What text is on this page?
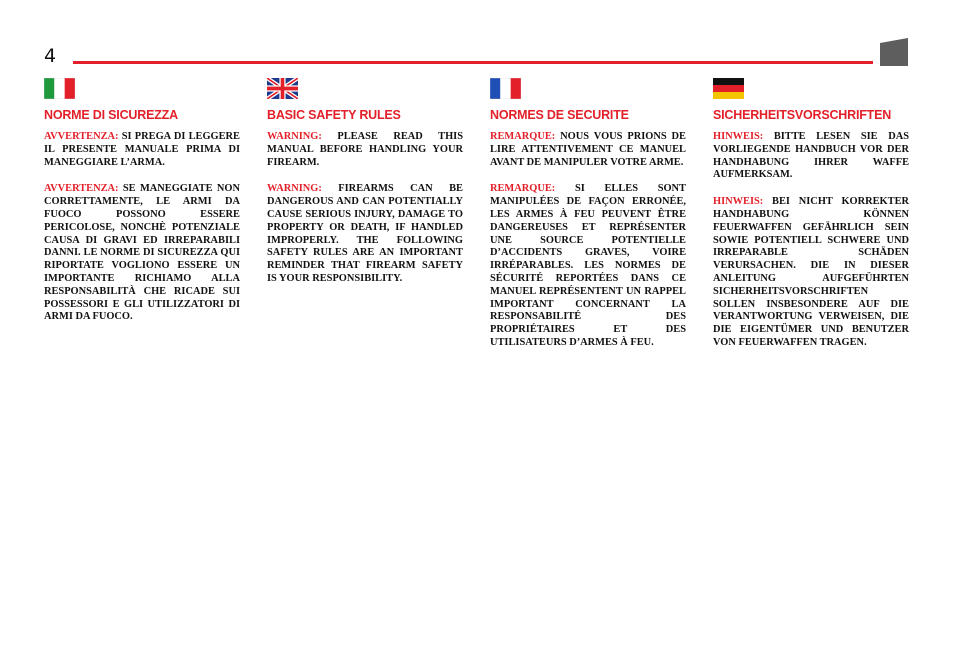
4
NORME DI SICUREZZA

AVVERTENZA: SI PREGA DI LEGGERE IL PRESENTE MANUALE PRIMA DI MANEGGIARE L’ARMA.

AVVERTENZA: SE MANEGGIATE NON CORRETTAMENTE, LE ARMI DA FUOCO POSSONO ESSERE PERICOLOSE, NONCHÈ POTENZIALE CAUSA DI GRAVI ED IRREPARABILI DANNI. LE NORME DI SICUREZZA QUI RIPORTATE VOGLIONO ESSERE UN IMPORTANTE RICHIAMO ALLA RESPONSABILITÀ CHE RICADE SUI POSSESSORI E GLI UTILIZZATORI DI ARMI DA FUOCO.

BASIC SAFETY RULES

WARNING: PLEASE READ THIS MANUAL BEFORE HANDLING YOUR FIREARM.

WARNING: FIREARMS CAN BE DANGEROUS AND CAN POTENTIALLY CAUSE SERIOUS INJURY, DAMAGE TO PROPERTY OR DEATH, IF HANDLED IMPROPERLY. THE FOLLOWING SAFETY RULES ARE AN IMPORTANT REMINDER THAT FIREARM SAFETY IS YOUR RESPONSIBILITY.

NORMES DE SECURITE

REMARQUE: NOUS VOUS PRIONS DE LIRE ATTENTIVEMENT CE MANUEL AVANT DE MANIPULER VOTRE ARME.

REMARQUE: SI ELLES SONT MANIPULÉES DE FAÇON ERRONÉE, LES ARMES À FEU PEUVENT ÊTRE DANGEREUSES ET REPRÉSENTER UNE SOURCE POTENTIELLE D’ACCIDENTS GRAVES, VOIRE IRRÉPARABLES. LES NORMES DE SÉCURITÉ REPORTÉES DANS CE MANUEL REPRÉSENTENT UN RAPPEL IMPORTANT CONCERNANT LA RESPONSABILITÉ DES PROPRIÉTAIRES ET DES UTILISATEURS D’ARMES À FEU.

SICHERHEITSVORSCHRIFTEN

HINWEIS: BITTE LESEN SIE DAS VORLIEGENDE HANDBUCH VOR DER HANDHABUNG IHRER WAFFE AUFMERKSAM.

HINWEIS: BEI NICHT KORREKTER HANDHABUNG KÖNNEN FEUERWAFFEN GEFÄHRLICH SEIN SOWIE POTENTIELL SCHWERE UND IRREPARABLE SCHÄDEN VERURSACHEN. DIE IN DIESER ANLEITUNG AUFGEFÜHRTEN SICHERHEITSVORSCHRIFTEN SOLLEN INSBESONDERE AUF DIE VERANTWORTUNG VERWEISEN, DIE DIE EIGENTÜMER UND BENUTZER VON FEUERWAFFEN TRAGEN.
